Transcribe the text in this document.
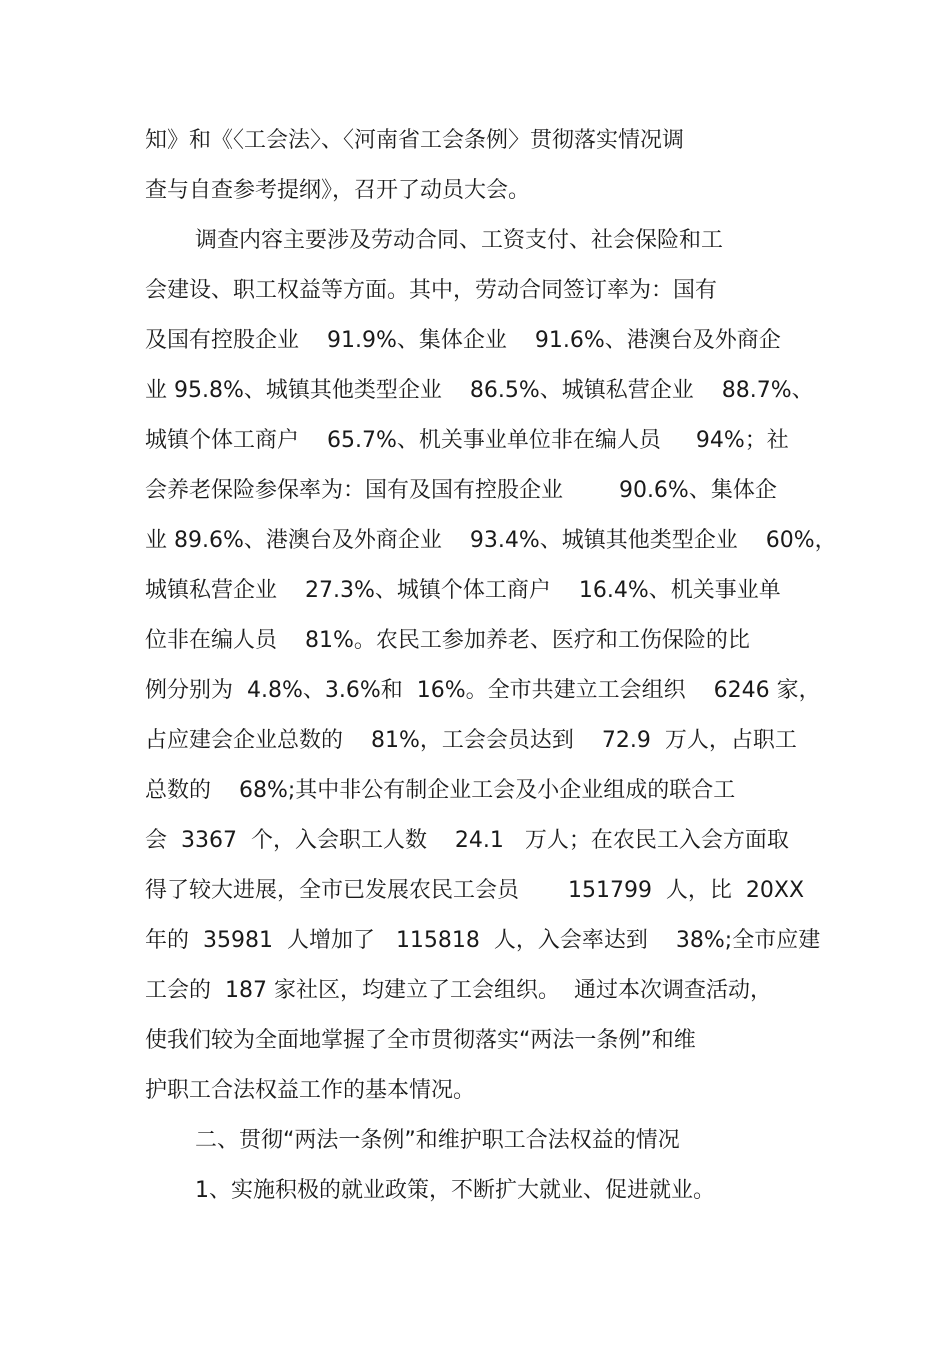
知》和《〈工会法〉、〈河南省工会条例〉贯彻落实情况调
查与自查参考提纲》，召开了动员大会。
调查内容主要涉及劳动合同、工资支付、社会保险和工
会建设、职工权益等方面。其中，劳动合同签订率为：国有
及国有控股企业    91.9%、集体企业    91.6%、港澳台及外商企
业 95.8%、城镇其他类型企业    86.5%、城镇私营企业    88.7%、
城镇个体工商户    65.7%、机关事业单位非在编人员     94%；社
会养老保险参保率为：国有及国有控股企业        90.6%、集体企
业 89.6%、港澳台及外商企业    93.4%、城镇其他类型企业    60%，
城镇私营企业    27.3%、城镇个体工商户    16.4%、机关事业单
位非在编人员    81%。农民工参加养老、医疗和工伤保险的比
例分别为  4.8%、3.6%和  16%。全市共建立工会组织    6246 家，
占应建会企业总数的    81%，工会会员达到    72.9  万人，占职工
总数的    68%;其中非公有制企业工会及小企业组成的联合工
会  3367  个，入会职工人数    24.1   万人；在农民工入会方面取
得了较大进展，全市已发展农民工会员       151799  人，比  20XX
年的  35981  人增加了   115818  人，入会率达到    38%;全市应建
工会的  187 家社区，均建立了工会组织。  通过本次调查活动，
使我们较为全面地掌握了全市贯彻落实“两法一条例”和维
护职工合法权益工作的基本情况。
二、贯彻“两法一条例”和维护职工合法权益的情况
1、实施积极的就业政策，不断扩大就业、促进就业。
